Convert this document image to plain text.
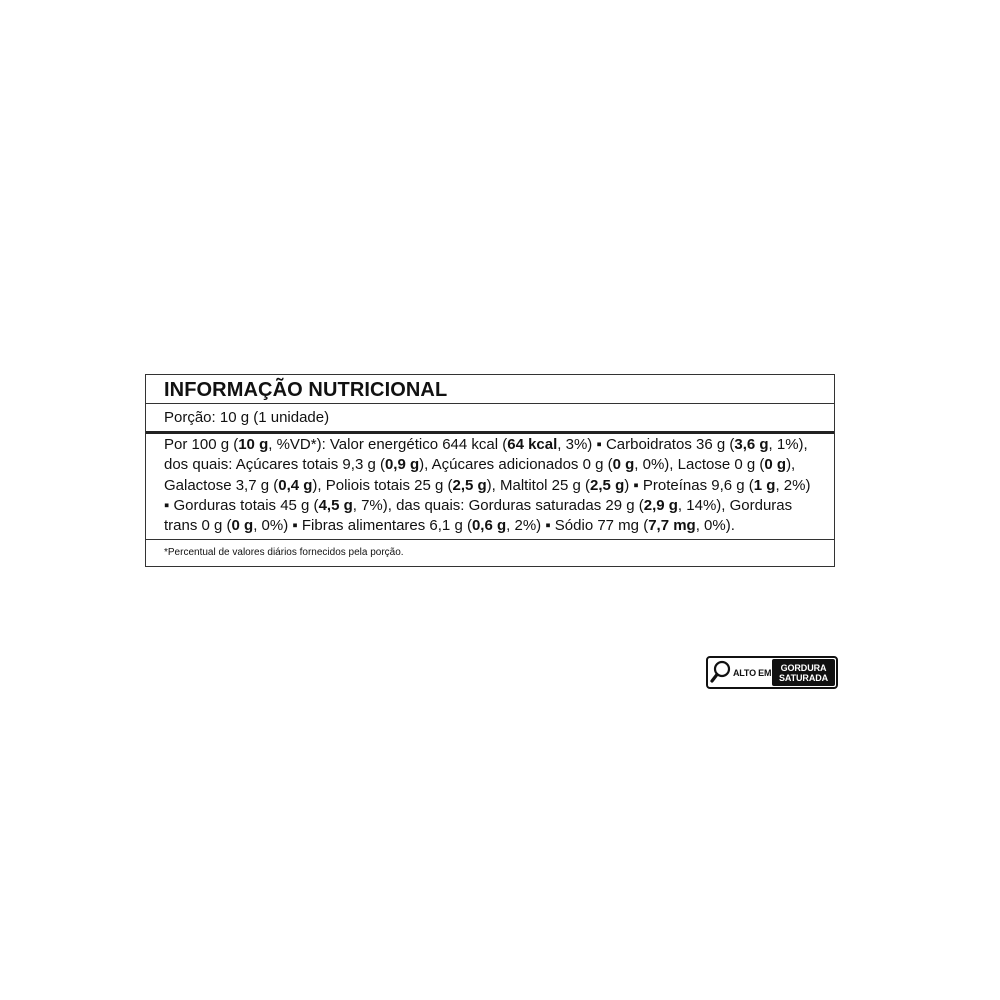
INFORMAÇÃO NUTRICIONAL
Porção: 10 g (1 unidade)
Por 100 g (10 g, %VD*): Valor energético 644 kcal (64 kcal, 3%) ▪ Carboidratos 36 g (3,6 g, 1%), dos quais: Açúcares totais 9,3 g (0,9 g), Açúcares adicionados 0 g (0 g, 0%), Lactose 0 g (0 g), Galactose 3,7 g (0,4 g), Poliois totais 25 g (2,5 g), Maltitol 25 g (2,5 g) ▪ Proteínas 9,6 g (1 g, 2%) ▪ Gorduras totais 45 g (4,5 g, 7%), das quais: Gorduras saturadas 29 g (2,9 g, 14%), Gorduras trans 0 g (0 g, 0%) ▪ Fibras alimentares 6,1 g (0,6 g, 2%) ▪ Sódio 77 mg (7,7 mg, 0%).
*Percentual de valores diários fornecidos pela porção.
ALTO EM	GORDURA
SATURADA
